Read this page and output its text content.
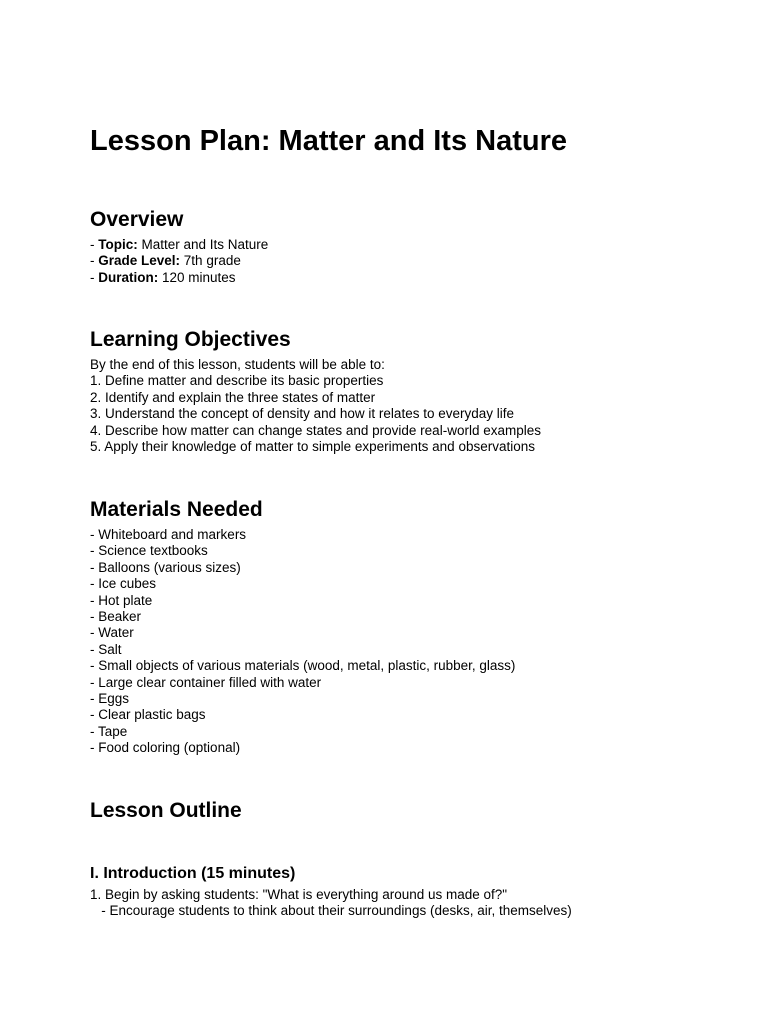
Lesson Plan: Matter and Its Nature
Overview
- Topic: Matter and Its Nature
- Grade Level: 7th grade
- Duration: 120 minutes
Learning Objectives
By the end of this lesson, students will be able to:
1. Define matter and describe its basic properties
2. Identify and explain the three states of matter
3. Understand the concept of density and how it relates to everyday life
4. Describe how matter can change states and provide real-world examples
5. Apply their knowledge of matter to simple experiments and observations
Materials Needed
- Whiteboard and markers
- Science textbooks
- Balloons (various sizes)
- Ice cubes
- Hot plate
- Beaker
- Water
- Salt
- Small objects of various materials (wood, metal, plastic, rubber, glass)
- Large clear container filled with water
- Eggs
- Clear plastic bags
- Tape
- Food coloring (optional)
Lesson Outline
I. Introduction (15 minutes)
1. Begin by asking students: "What is everything around us made of?"
- Encourage students to think about their surroundings (desks, air, themselves)
